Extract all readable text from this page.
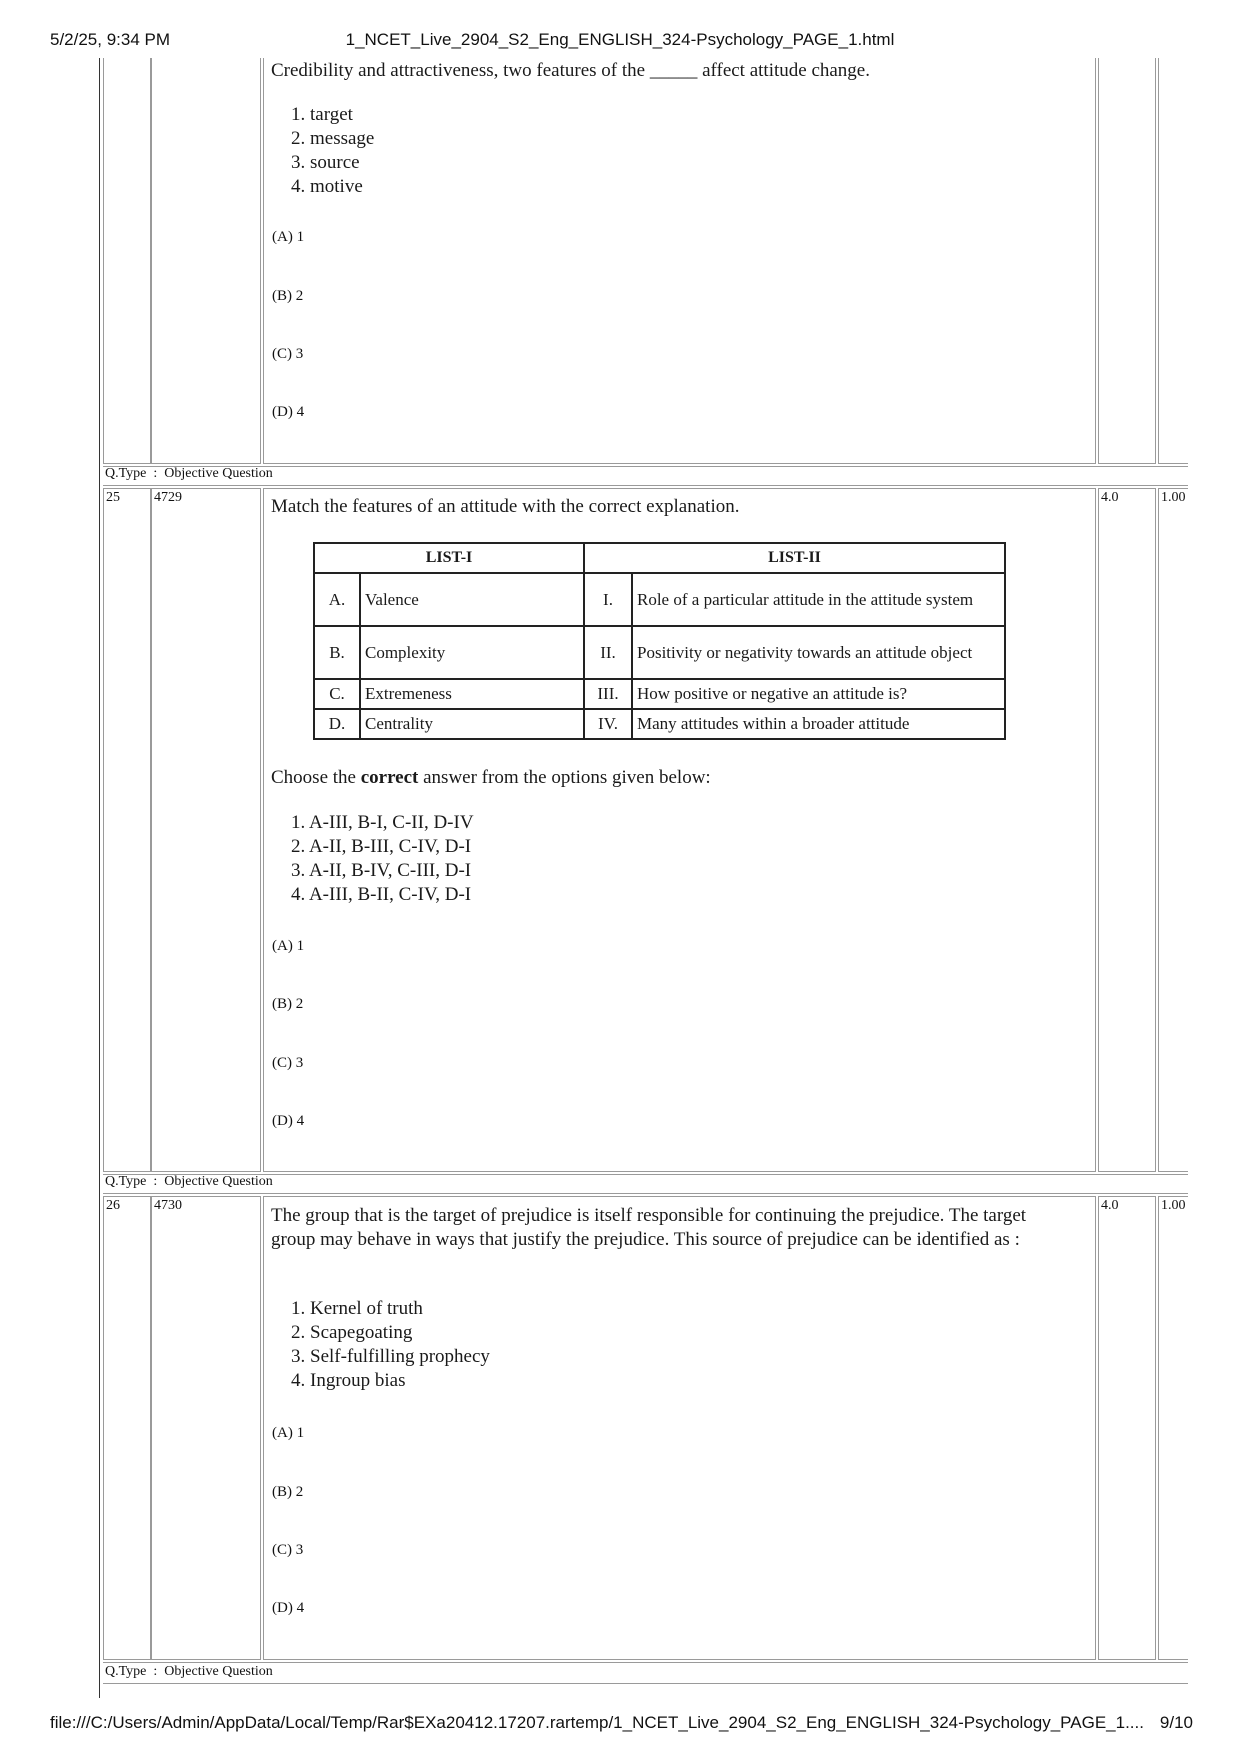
5/2/25, 9:34 PM	1_NCET_Live_2904_S2_Eng_ENGLISH_324-Psychology_PAGE_1.html
Credibility and attractiveness, two features of the _____ affect attitude change.
1. target
2. message
3. source
4. motive
(A) 1
(B) 2
(C) 3
(D) 4
Q.Type  :  Objective Question
25 4729	4.0	1.00
Match the features of an attitude with the correct explanation.
LIST-I		LIST-II	
A.	Valence	I.	Role of a particular attitude in the attitude system
B.	Complexity	II.	Positivity or negativity towards an attitude object
C.	Extremeness	III.	How positive or negative an attitude is?
D.	Centrality	IV.	Many attitudes within a broader attitude
Choose the correct answer from the options given below:
1. A-III, B-I, C-II, D-IV
2. A-II, B-III, C-IV, D-I
3. A-II, B-IV, C-III, D-I
4. A-III, B-II, C-IV, D-I
(A) 1
(B) 2
(C) 3
(D) 4
Q.Type  :  Objective Question
26 4730	4.0	1.00
The group that is the target of prejudice is itself responsible for continuing the prejudice. The target group may behave in ways that justify the prejudice. This source of prejudice can be identified as :
1. Kernel of truth
2. Scapegoating
3. Self-fulfilling prophecy
4. Ingroup bias
(A) 1
(B) 2
(C) 3
(D) 4
Q.Type  :  Objective Question
file:///C:/Users/Admin/AppData/Local/Temp/Rar$EXa20412.17207.rartemp/1_NCET_Live_2904_S2_Eng_ENGLISH_324-Psychology_PAGE_1.... 9/10
